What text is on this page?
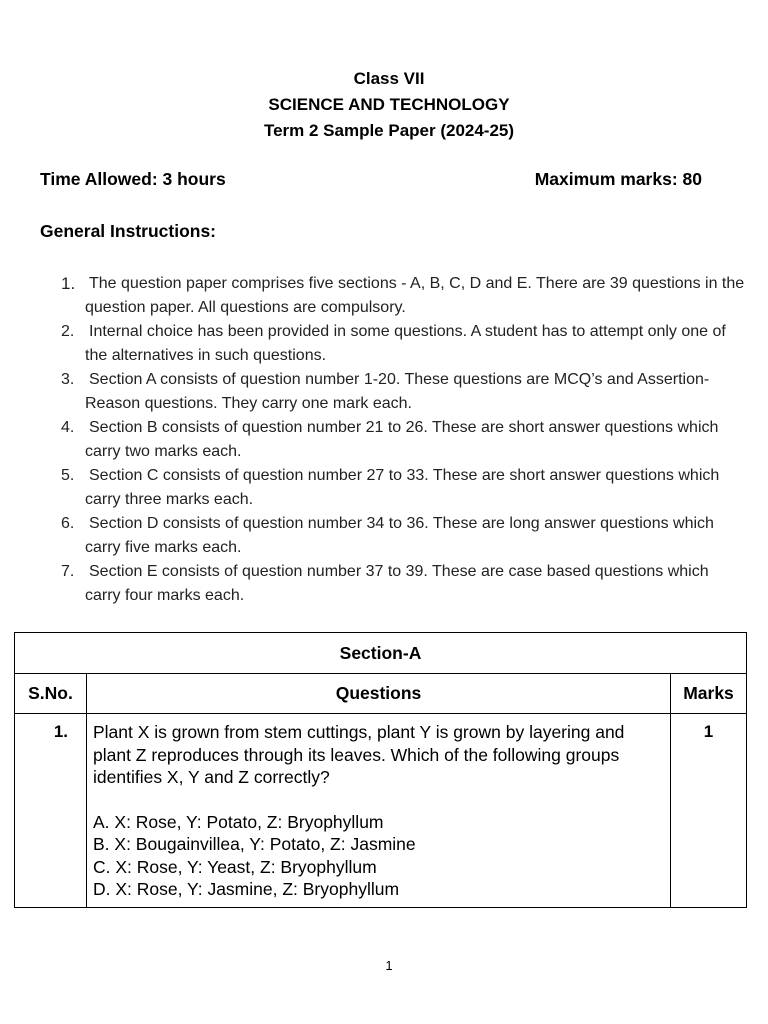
Class VII
SCIENCE AND TECHNOLOGY
Term 2 Sample Paper (2024-25)
Time Allowed: 3 hours	Maximum marks: 80
General Instructions:
1. The question paper comprises five sections - A, B, C, D and E. There are 39 questions in the question paper. All questions are compulsory.
2. Internal choice has been provided in some questions. A student has to attempt only one of the alternatives in such questions.
3. Section A consists of question number 1-20. These questions are MCQ’s and Assertion-Reason questions. They carry one mark each.
4. Section B consists of question number 21 to 26. These are short answer questions which carry two marks each.
5. Section C consists of question number 27 to 33. These are short answer questions which carry three marks each.
6. Section D consists of question number 34 to 36. These are long answer questions which carry five marks each.
7. Section E consists of question number 37 to 39. These are case based questions which carry four marks each.
Section-A		
S.No.	Questions	Marks
1.	Plant X is grown from stem cuttings, plant Y is grown by layering and plant Z reproduces through its leaves. Which of the following groups identifies X, Y and Z correctly?
A. X: Rose, Y: Potato, Z: Bryophyllum
B. X: Bougainvillea, Y: Potato, Z: Jasmine
C. X: Rose, Y: Yeast, Z: Bryophyllum
D. X: Rose, Y: Jasmine, Z: Bryophyllum	1
1
